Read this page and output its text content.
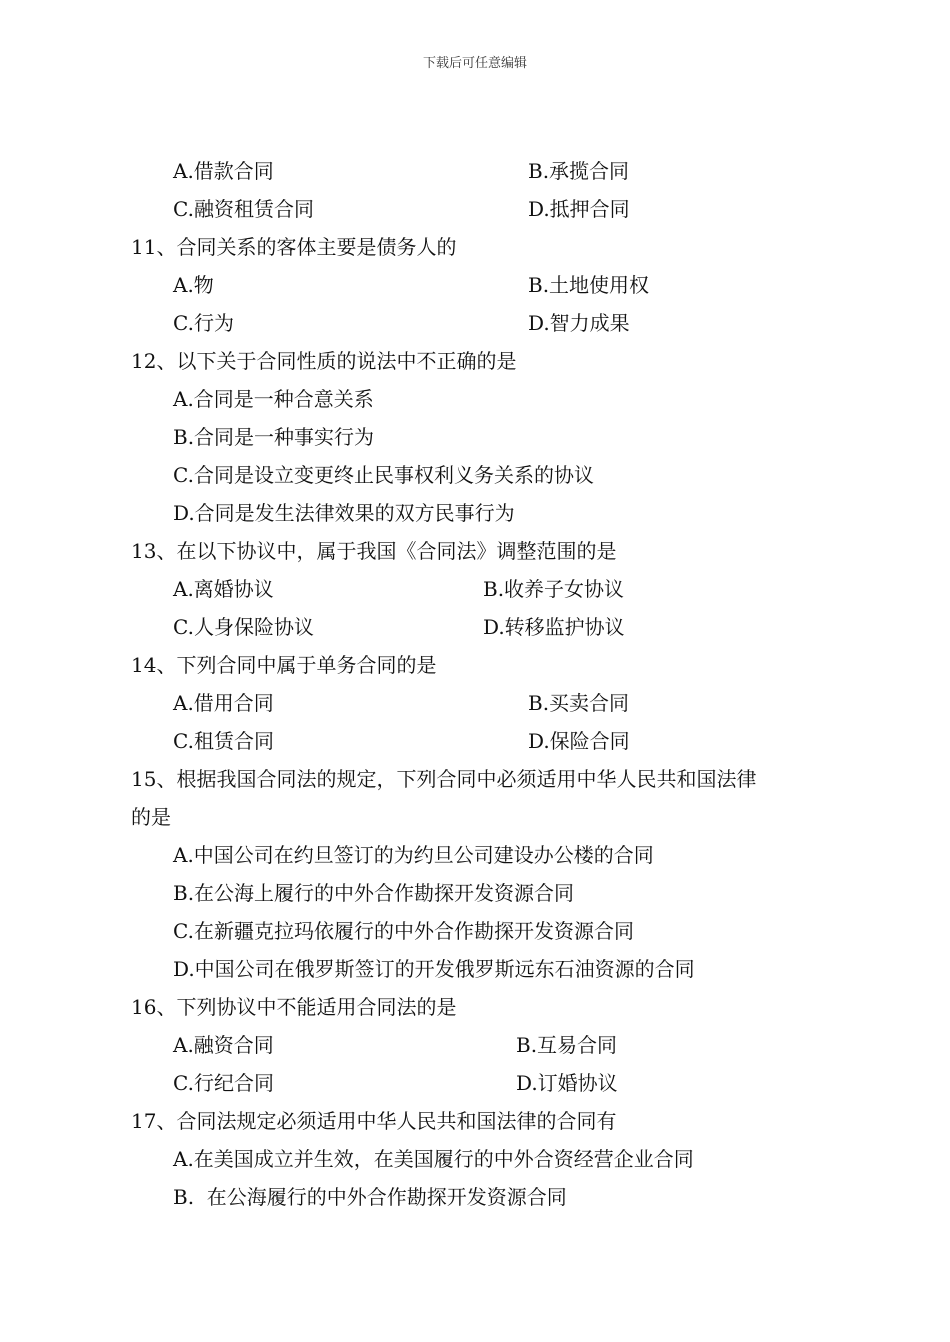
下载后可任意编辑
A.借款合同	B.承揽合同
C.融资租赁合同	D.抵押合同
11、合同关系的客体主要是债务人的
A.物	B.土地使用权
C.行为	D.智力成果
12、以下关于合同性质的说法中不正确的是
A.合同是一种合意关系
B.合同是一种事实行为
C.合同是设立变更终止民事权利义务关系的协议
D.合同是发生法律效果的双方民事行为
13、在以下协议中，属于我国《合同法》调整范围的是
A.离婚协议	B.收养子女协议
C.人身保险协议	D.转移监护协议
14、下列合同中属于单务合同的是
A.借用合同	B.买卖合同
C.租赁合同	D.保险合同
15、根据我国合同法的规定，下列合同中必须适用中华人民共和国法律
的是
A.中国公司在约旦签订的为约旦公司建设办公楼的合同
B.在公海上履行的中外合作勘探开发资源合同
C.在新疆克拉玛依履行的中外合作勘探开发资源合同
D.中国公司在俄罗斯签订的开发俄罗斯远东石油资源的合同
16、下列协议中不能适用合同法的是
A.融资合同	B.互易合同
C.行纪合同	D.订婚协议
17、合同法规定必须适用中华人民共和国法律的合同有
A.在美国成立并生效，在美国履行的中外合资经营企业合同
B.  在公海履行的中外合作勘探开发资源合同
